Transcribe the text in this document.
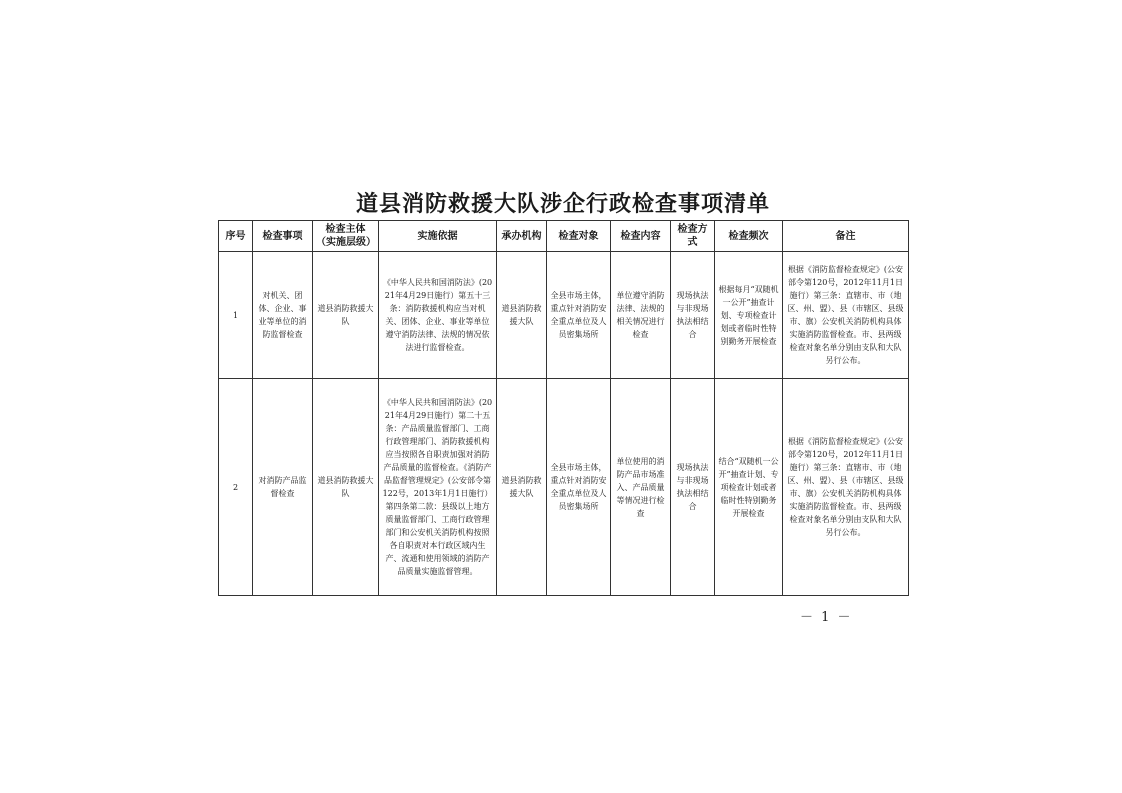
道县消防救援大队涉企行政检查事项清单
序号	检查事项	检查主体（实施层级）	实施依据	承办机构	检查对象	检查内容	检查方式	检查频次	备注
1	对机关、团体、企业、事业等单位的消防监督检查	道县消防救援大队	《中华人民共和国消防法》(2021年4月29日施行）第五十三条：消防救援机构应当对机关、团体、企业、事业等单位遵守消防法律、法规的情况依法进行监督检查。	道县消防救援大队	全县市场主体，重点针对消防安全重点单位及人员密集场所	单位遵守消防法律、法规的相关情况进行检查	现场执法与非现场执法相结合	根据每月“双随机一公开”抽查计划、专项检查计划或者临时性特别勤务开展检查	根据《消防监督检查规定》(公安部令第120号，2012年11月1日施行）第三条：直辖市、市（地区、州、盟）、县（市辖区、县级市、旗）公安机关消防机构具体实施消防监督检查。市、县两级检查对象名单分别由支队和大队另行公布。
2	对消防产品监督检查	道县消防救援大队	《中华人民共和国消防法》(2021年4月29日施行）第二十五条：产品质量监督部门、工商行政管理部门、消防救援机构应当按照各自职责加强对消防产品质量的监督检查。《消防产品监督管理规定》(公安部令第122号，2013年1月1日施行）第四条第二款：县级以上地方质量监督部门、工商行政管理部门和公安机关消防机构按照各自职责对本行政区域内生产、流通和使用领域的消防产品质量实施监督管理。	道县消防救援大队	全县市场主体，重点针对消防安全重点单位及人员密集场所	单位使用的消防产品市场准入、产品质量等情况进行检查	现场执法与非现场执法相结合	结合“双随机一公开”抽查计划、专项检查计划或者临时性特别勤务开展检查	根据《消防监督检查规定》(公安部令第120号，2012年11月1日施行）第三条：直辖市、市（地区、州、盟）、县（市辖区、县级市、旗）公安机关消防机构具体实施消防监督检查。市、县两级检查对象名单分别由支队和大队另行公布。
－ 1 －
